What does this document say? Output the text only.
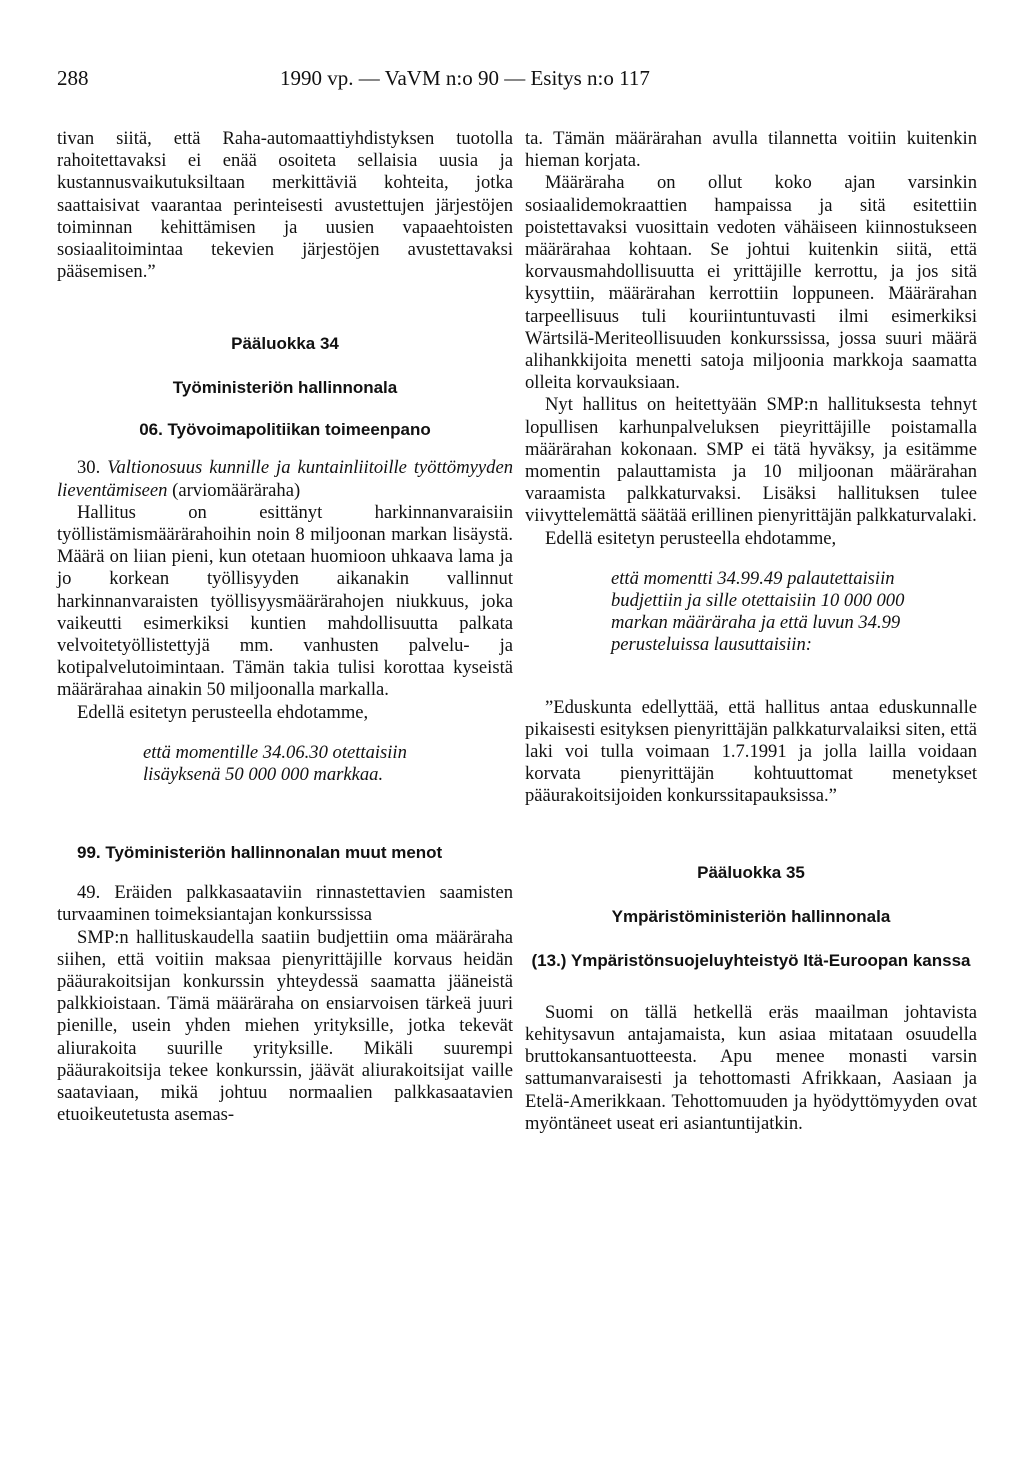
288	1990 vp. — VaVM n:o 90 — Esitys n:o 117

tivan siitä, että Raha-automaattiyhdistyksen tuotolla rahoitettavaksi ei enää osoiteta sellaisia uusia ja kustannusvaikutuksiltaan merkittäviä kohteita, jotka saattaisivat vaarantaa perinteisesti avustettujen järjestöjen toiminnan kehittämisen ja uusien vapaaehtoisten sosiaalitoimintaa tekevien järjestöjen avustettavaksi pääsemisen.”

Pääluokka 34
Työministeriön hallinnonala
06. Työvoimapolitiikan toimeenpano

30. Valtionosuus kunnille ja kuntainliitoille työttömyyden lieventämiseen (arviomääräraha)

Hallitus on esittänyt harkinnanvaraisiin työllistämismäärärahoihin noin 8 miljoonan markan lisäystä. Määrä on liian pieni, kun otetaan huomioon uhkaava lama ja jo korkean työllisyyden aikanakin vallinnut harkinnanvaraisten työllisyysmäärärahojen niukkuus, joka vaikeutti esimerkiksi kuntien mahdollisuutta palkata velvoitetyöllistettyjä mm. vanhusten palvelu- ja kotipalvelutoimintaan. Tämän takia tulisi korottaa kyseistä määrärahaa ainakin 50 miljoonalla markalla.

Edellä esitetyn perusteella ehdotamme,

että momentille 34.06.30 otettaisiin lisäyksenä 50 000 000 markkaa.

99. Työministeriön hallinnonalan muut menot

49. Eräiden palkkasaataviin rinnastettavien saamisten turvaaminen toimeksiantajan konkurssissa

SMP:n hallituskaudella saatiin budjettiin oma määräraha siihen, että voitiin maksaa pienyrittäjille korvaus heidän pääurakoitsijan konkurssin yhteydessä saamatta jääneistä palkkioistaan. Tämä määräraha on ensiarvoisen tärkeä juuri pienille, usein yhden miehen yrityksille, jotka tekevät aliurakoita suurille yrityksille. Mikäli suurempi pääurakoitsija tekee konkurssin, jäävät aliurakoitsijat vaille saataviaan, mikä johtuu normaalien palkkasaatavien etuoikeutetusta asemas-

ta. Tämän määrärahan avulla tilannetta voitiin kuitenkin hieman korjata.

Määräraha on ollut koko ajan varsinkin sosiaalidemokraattien hampaissa ja sitä esitettiin poistettavaksi vuosittain vedoten vähäiseen kiinnostukseen määrärahaa kohtaan. Se johtui kuitenkin siitä, että korvausmahdollisuutta ei yrittäjille kerrottu, ja jos sitä kysyttiin, määrärahan kerrottiin loppuneen. Määrärahan tarpeellisuus tuli kouriintuntuvasti ilmi esimerkiksi Wärtsilä-Meriteollisuuden konkurssissa, jossa suuri määrä alihankkijoita menetti satoja miljoonia markkoja saamatta olleita korvauksiaan.

Nyt hallitus on heitettyään SMP:n hallituksesta tehnyt lopullisen karhunpalveluksen pieyrittäjille poistamalla määrärahan kokonaan. SMP ei tätä hyväksy, ja esitämme momentin palauttamista ja 10 miljoonan määrärahan varaamista palkkaturvaksi. Lisäksi hallituksen tulee viivyttelemättä säätää erillinen pienyrittäjän palkkaturvalaki.

Edellä esitetyn perusteella ehdotamme,

että momentti 34.99.49 palautettaisiin budjettiin ja sille otettaisiin 10 000 000 markan määräraha ja että luvun 34.99 perusteluissa lausuttaisiin:

”Eduskunta edellyttää, että hallitus antaa eduskunnalle pikaisesti esityksen pienyrittäjän palkkaturvalaiksi siten, että laki voi tulla voimaan 1.7.1991 ja jolla lailla voidaan korvata pienyrittäjän kohtuuttomat menetykset pääurakoitsijoiden konkurssitapauksissa.”

Pääluokka 35
Ympäristöministeriön hallinnonala
(13.) Ympäristönsuojeluyhteistyö Itä-Euroopan kanssa

Suomi on tällä hetkellä eräs maailman johtavista kehitysavun antajamaista, kun asiaa mitataan osuudella bruttokansantuotteesta. Apu menee monasti varsin sattumanvaraisesti ja tehottomasti Afrikkaan, Aasiaan ja Etelä-Amerikkaan. Tehottomuuden ja hyödyttömyyden ovat myöntäneet useat eri asiantuntijatkin.
